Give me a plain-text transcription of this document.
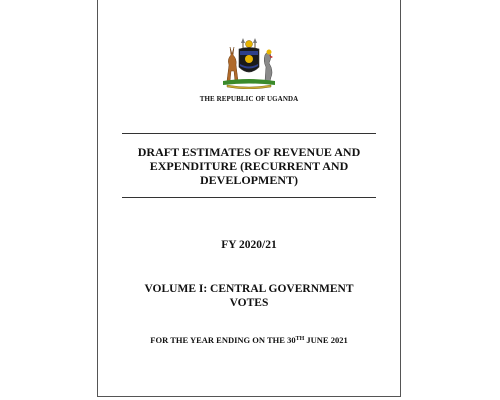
THE REPUBLIC OF UGANDA
DRAFT ESTIMATES OF REVENUE AND EXPENDITURE (RECURRENT AND DEVELOPMENT)
FY 2020/21
VOLUME I: CENTRAL GOVERNMENT VOTES
FOR THE YEAR ENDING ON THE 30TH JUNE 2021
